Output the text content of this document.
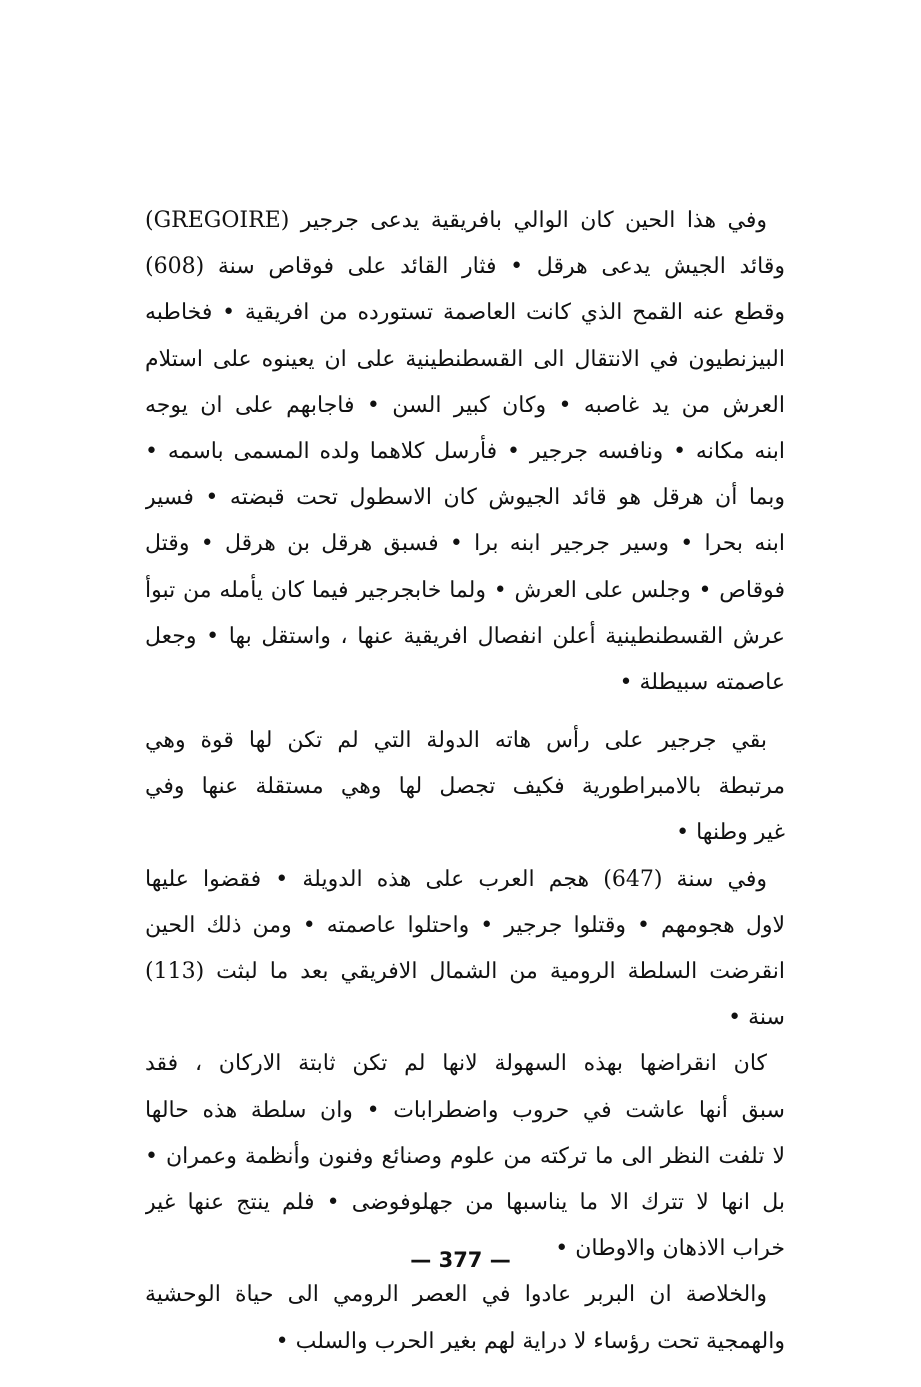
وفي هذا الحين كان الوالي بافريقية يدعى جرجير (GREGOIRE)
وقائد الجيش يدعى هرقل • فثار القائد على فوقاص سنة (608)
وقطع عنه القمح الذي كانت العاصمة تستورده من افريقية • فخاطبه
البيزنطيون في الانتقال الى القسطنطينية على ان يعينوه على استلام
العرش من يد غاصبه • وكان كبير السن • فاجابهم على ان يوجه
ابنه مكانه • ونافسه جرجير • فأرسل كلاهما ولده المسمى باسمه •
وبما أن هرقل هو قائد الجيوش كان الاسطول تحت قبضته • فسير
ابنه بحرا • وسير جرجير ابنه برا • فسبق هرقل بن هرقل • وقتل
فوقاص • وجلس على العرش • ولما خابجرجير فيما كان يأمله من تبوأ
عرش القسطنطينية أعلن انفصال افريقية عنها ، واستقل بها • وجعل
عاصمته سبيطلة •
بقي جرجير على رأس هاته الدولة التي لم تكن لها قوة وهي
مرتبطة بالامبراطورية فكيف تجصل لها وهي مستقلة عنها وفي
غير وطنها •
وفي سنة (647) هجم العرب على هذه الدويلة • فقضوا عليها
لاول هجومهم • وقتلوا جرجير • واحتلوا عاصمته • ومن ذلك الحين
انقرضت السلطة الرومية من الشمال الافريقي بعد ما لبثت (113)
سنة •
كان انقراضها بهذه السهولة لانها لم تكن ثابتة الاركان ، فقد
سبق أنها عاشت في حروب واضطرابات • وان سلطة هذه حالها
لا تلفت النظر الى ما تركته من علوم وصنائع وفنون وأنظمة وعمران •
بل انها لا تترك الا ما يناسبها من جهلوفوضى • فلم ينتج عنها غير
خراب الاذهان والاوطان •
والخلاصة ان البربر عادوا في العصر الرومي الى حياة الوحشية
والهمجية تحت رؤساء لا دراية لهم بغير الحرب والسلب •
— 377 —
